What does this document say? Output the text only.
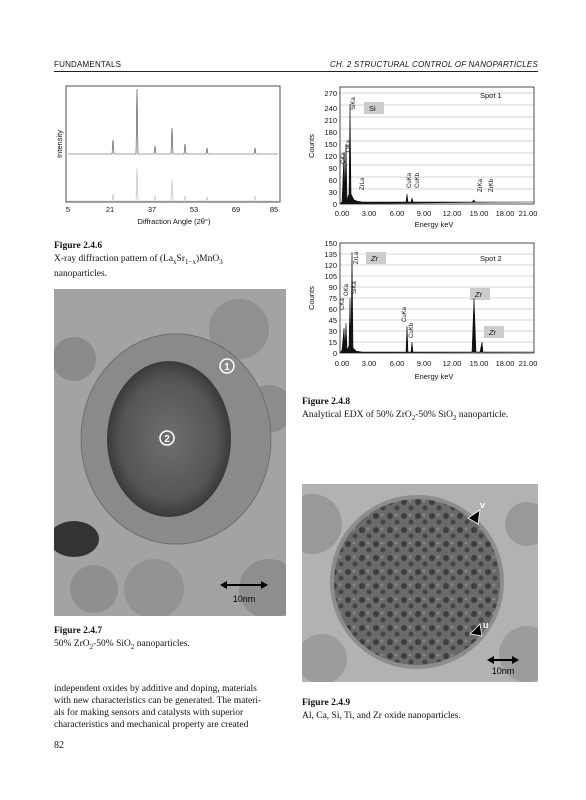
FUNDAMENTALS	CH. 2 STRUCTURAL CONTROL OF NANOPARTICLES
Intensity
5	21	37	53	69	85
Diffraction Angle (2θ°)
Figure 2.4.6
X-ray diffraction pattern of $(La_xSr_{1-x})MnO_3$
nanoparticles.
Si
Spot 1
SiKa
OKa
CKa
ZrLa	CuKa CuKb	ZrKa ZrKb
0
30
60
90
120
150
180
210
240
270
0.00 3.00 6.00 9.00 12.00 15.00 18.00 21.00
Energy keV
Counts
Zr
Zr
Zr
Spot 2
ZrLa
OKa
CKa
SiKa
CuKa
CuKb
0
15
30
45
60
75
90
105
120
135
150
0.00 3.00 6.00 9.00 12.00 15.00 18.00 21.00
Energy keV
Counts
Figure 2.4.8
Analytical EDX of 50% ZrO$_2$-50% SiO$_2$ nanoparticle.
1
2
10nm
Figure 2.4.7
50% ZrO$_2$-50% SiO$_2$ nanoparticles.
v
u
10nm
Figure 2.4.9
Al, Ca, Si, Ti, and Zr oxide nanoparticles.
independent oxides by additive and doping, materials
with new characteristics can be generated. The materi-
als for making sensors and catalysts with superior
characteristics and mechanical property are created
82
